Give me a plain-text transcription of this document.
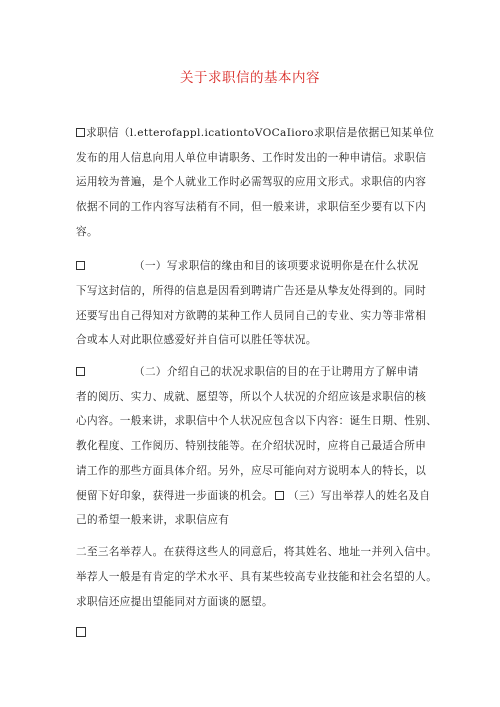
关于求职信的基本内容
求职信（l.etterofappl.icationtoVOCaIioro求职信是依据已知某单位
发布的用人信息向用人单位申请职务、工作时发出的一种申请信。求职信
运用较为普遍，是个人就业工作时必需驾驭的应用文形式。求职信的内容
依据不同的工作内容写法稍有不同，但一般来讲，求职信至少要有以下内
容。
（一）写求职信的缘由和目的该项要求说明你是在什么状况
下写这封信的，所得的信息是因看到聘请广告还是从挚友处得到的。同时
还要写出自己得知对方欲聘的某种工作人员同自己的专业、实力等非常相
合或本人对此职位感爱好并自信可以胜任等状况。
（二）介绍自己的状况求职信的目的在于让聘用方了解申请
者的阅历、实力、成就、愿望等，所以个人状况的介绍应该是求职信的核
心内容。一般来讲，求职信中个人状况应包含以下内容：诞生日期、性别、
教化程度、工作阅历、特别技能等。在介绍状况时，应将自己最适合所申
请工作的那些方面具体介绍。另外，应尽可能向对方说明本人的特长，以
便留下好印象，获得进一步面谈的机会。 （三）写出举荐人的姓名及自
己的希望一般来讲，求职信应有
二至三名举荐人。在获得这些人的同意后，将其姓名、地址一并列入信中。
举荐人一般是有肯定的学术水平、具有某些较高专业技能和社会名望的人。
求职信还应提出望能同对方面谈的愿望。
